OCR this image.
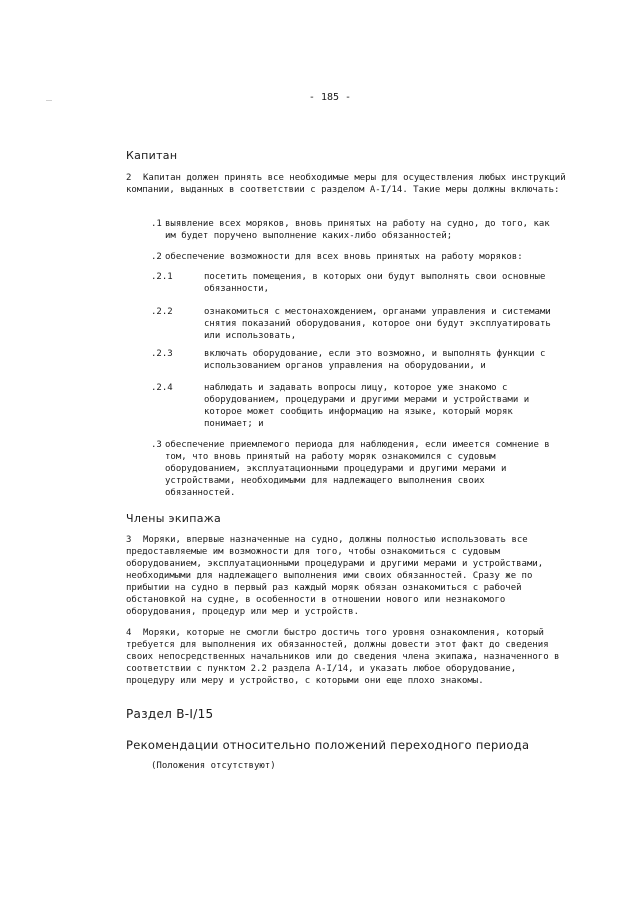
- 185 -
Капитан
2	Капитан должен принять все необходимые меры для осуществления любых инструкций компании, выданных в соответствии с разделом A-I/14. Такие меры должны включать:
.1 выявление всех моряков, вновь принятых на работу на судно, до того, как им будет поручено выполнение каких-либо обязанностей;
.2 обеспечение возможности для всех вновь принятых на работу моряков:
.2.1	посетить помещения, в которых они будут выполнять свои основные обязанности,
.2.2	ознакомиться с местонахождением, органами управления и системами снятия показаний оборудования, которое они будут эксплуатировать или использовать,
.2.3	включать оборудование, если это возможно, и выполнять функции с использованием органов управления на оборудовании, и
.2.4	наблюдать и задавать вопросы лицу, которое уже знакомо с оборудованием, процедурами и другими мерами и устройствами и которое может сообщить информацию на языке, который моряк понимает; и
.3 обеспечение приемлемого периода для наблюдения, если имеется сомнение в том, что вновь принятый на работу моряк ознакомился с судовым оборудованием, эксплуатационными процедурами и другими мерами и устройствами, необходимыми для надлежащего выполнения своих обязанностей.
Члены экипажа
3	Моряки, впервые назначенные на судно, должны полностью использовать все предоставляемые им возможности для того, чтобы ознакомиться с судовым оборудованием, эксплуатационными процедурами и другими мерами и устройствами, необходимыми для надлежащего выполнения ими своих обязанностей. Сразу же по прибытии на судно в первый раз каждый моряк обязан ознакомиться с рабочей обстановкой на судне, в особенности в отношении нового или незнакомого оборудования, процедур или мер и устройств.
4	Моряки, которые не смогли быстро достичь того уровня ознакомления, который требуется для выполнения их обязанностей, должны довести этот факт до сведения своих непосредственных начальников или до сведения члена экипажа, назначенного в соответствии с пунктом 2.2 раздела A-I/14, и указать любое оборудование, процедуру или меру и устройство, с которыми они еще плохо знакомы.
Раздел B-I/15
Рекомендации относительно положений переходного периода
(Положения отсутствуют)
